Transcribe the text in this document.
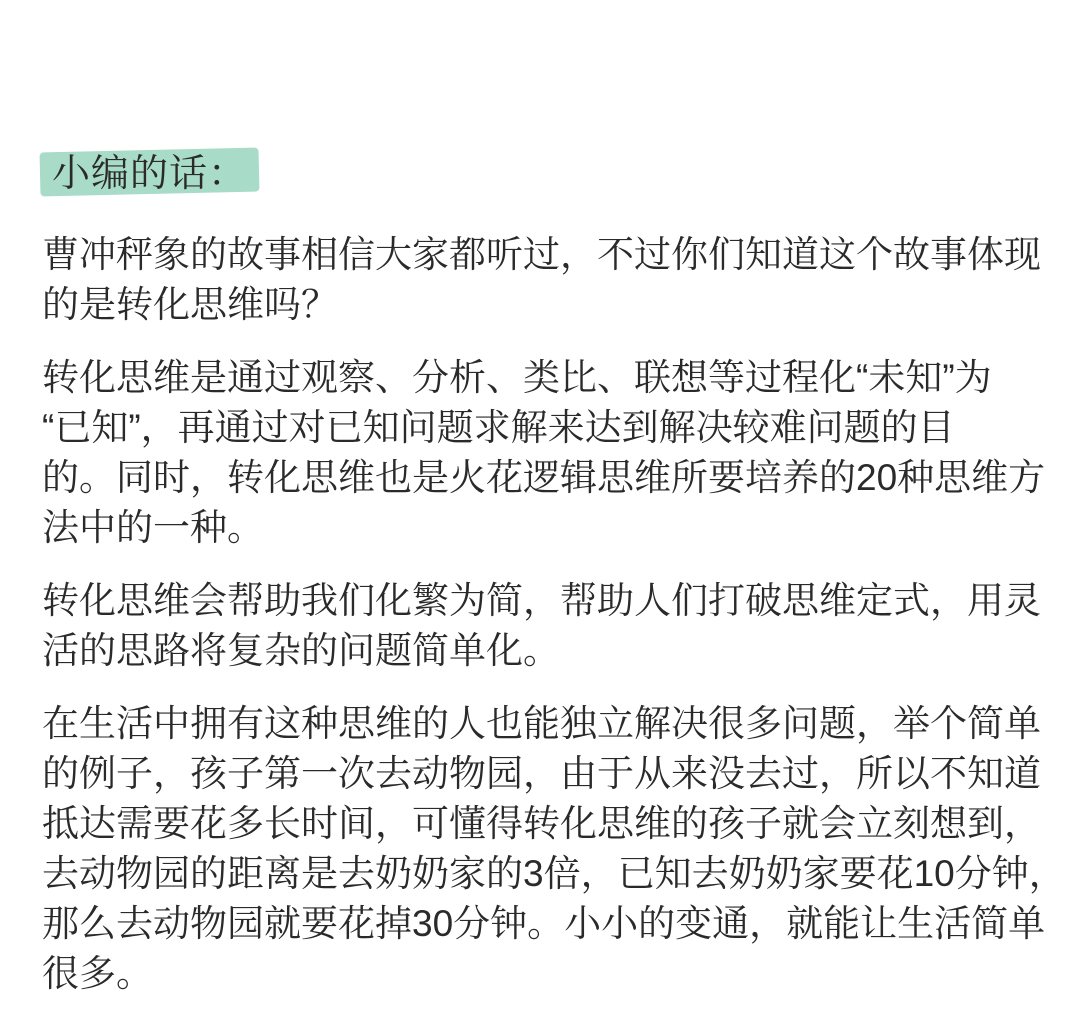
小编的话：
曹冲秤象的故事相信大家都听过，不过你们知道这个故事体现
的是转化思维吗？
转化思维是通过观察、分析、类比、联想等过程化“未知”为
“已知”，再通过对已知问题求解来达到解决较难问题的目
的。同时，转化思维也是火花逻辑思维所要培养的20种思维方
法中的一种。
转化思维会帮助我们化繁为简，帮助人们打破思维定式，用灵
活的思路将复杂的问题简单化。
在生活中拥有这种思维的人也能独立解决很多问题，举个简单
的例子，孩子第一次去动物园，由于从来没去过，所以不知道
抵达需要花多长时间，可懂得转化思维的孩子就会立刻想到，
去动物园的距离是去奶奶家的3倍，已知去奶奶家要花10分钟，
那么去动物园就要花掉30分钟。小小的变通，就能让生活简单
很多。
